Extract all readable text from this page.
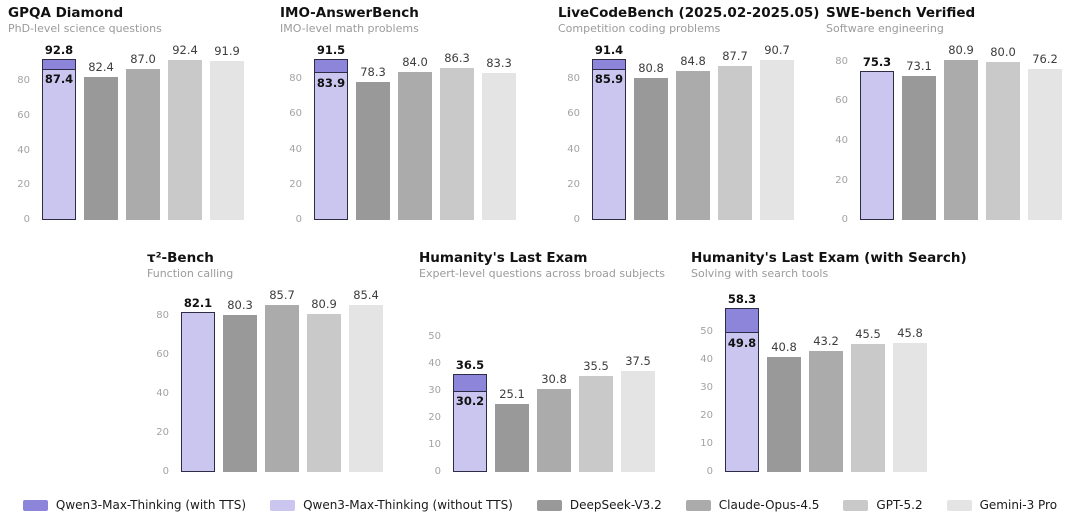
GPQA Diamond
PhD-level science questions
0
20
40
60
80 87.4
92.8
82.4
87.0
92.4 91.9
IMO-AnswerBench
IMO-level math problems
0
20
40
60
80 83.9
91.5
78.3
84.0 86.3 83.3
LiveCodeBench (2025.02-2025.05)
Competition coding problems
0
20
40
60
80 85.9
91.4
80.8 84.8 87.7 90.7
SWE-bench Verified
Software engineering
0
20
40
60
80 75.3 73.1
80.9 80.0
76.2
τ²-Bench
Function calling
0
20
40
60
80
82.1 80.3
85.7
80.9
85.4
Humanity's Last Exam
Expert-level questions across broad subjects
0
10
20
30
40
50
30.2
36.5
25.1
30.8
35.5 37.5
Humanity's Last Exam (with Search)
Solving with search tools
0
10
20
30
40
50
49.8
58.3
40.8 43.2 45.5 45.8
Qwen3-Max-Thinking (with TTS)	Qwen3-Max-Thinking (without TTS)	DeepSeek-V3.2	Claude-Opus-4.5	GPT-5.2	Gemini-3 Pro
